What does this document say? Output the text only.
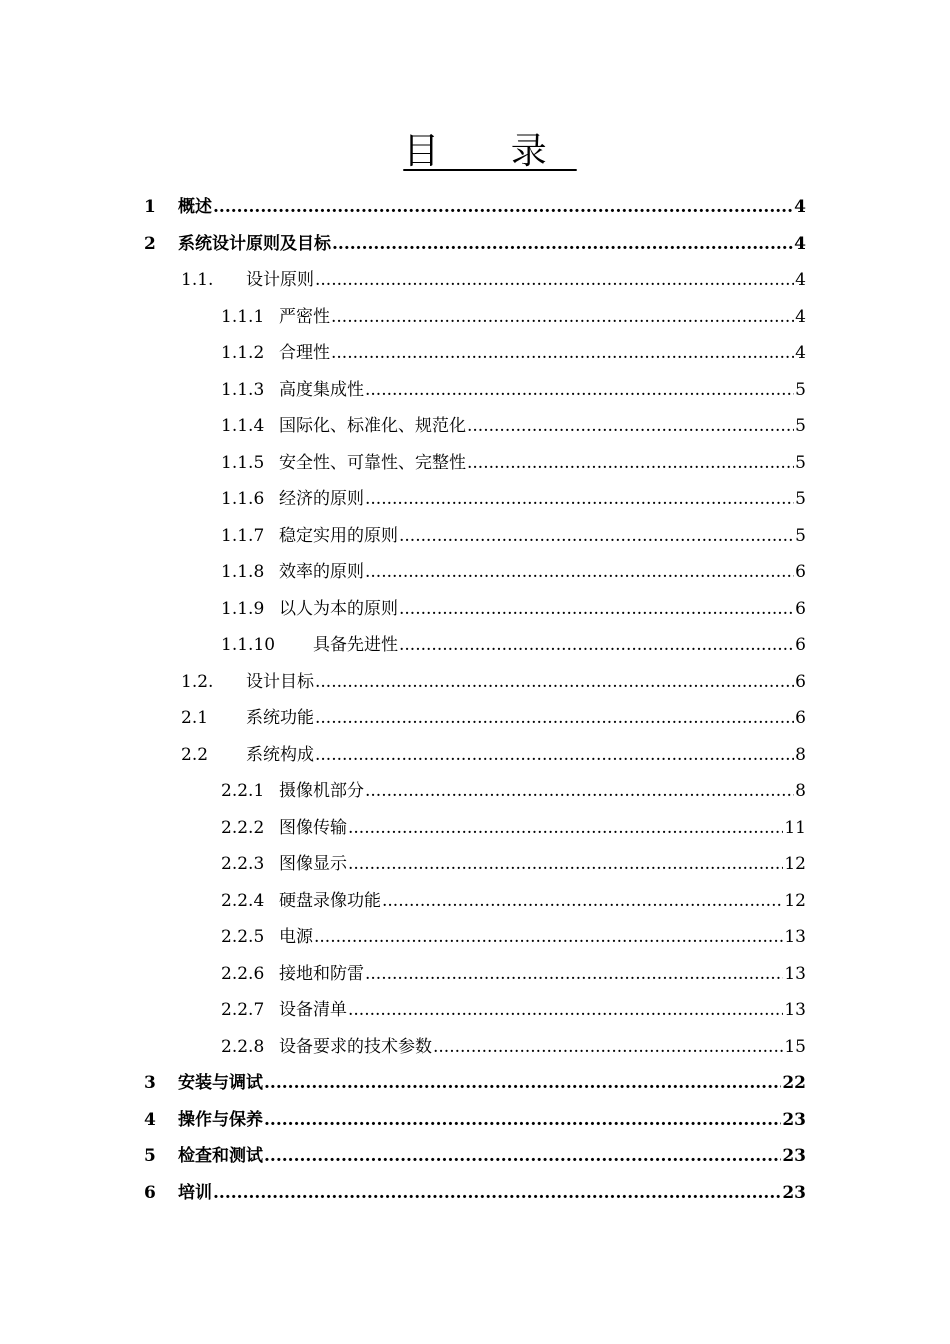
目 录
1	概述 .....	4
2	系统设计原则及目标 .....	4
1.1.	设计原则 .....	4
1.1.1 严密性 .....	4
1.1.2 合理性 .....	4
1.1.3 高度集成性 .....	5
1.1.4 国际化、标准化、规范化 .....	5
1.1.5 安全性、可靠性、完整性 .....	5
1.1.6 经济的原则 .....	5
1.1.7 稳定实用的原则 .....	5
1.1.8 效率的原则 .....	6
1.1.9 以人为本的原则 .....	6
1.1.10	具备先进性 .....	6
1.2.	设计目标 .....	6
2.1	系统功能 .....	6
2.2	系统构成 .....	8
2.2.1 摄像机部分 .....	8
2.2.2 图像传输 .....	11
2.2.3 图像显示 .....	12
2.2.4 硬盘录像功能 .....	12
2.2.5 电源 .....	13
2.2.6 接地和防雷 .....	13
2.2.7 设备清单 .....	13
2.2.8 设备要求的技术参数 .....	15
3	安装与调试 .....	22
4	操作与保养 .....	23
5	检查和测试 .....	23
6	培训 .....	23
